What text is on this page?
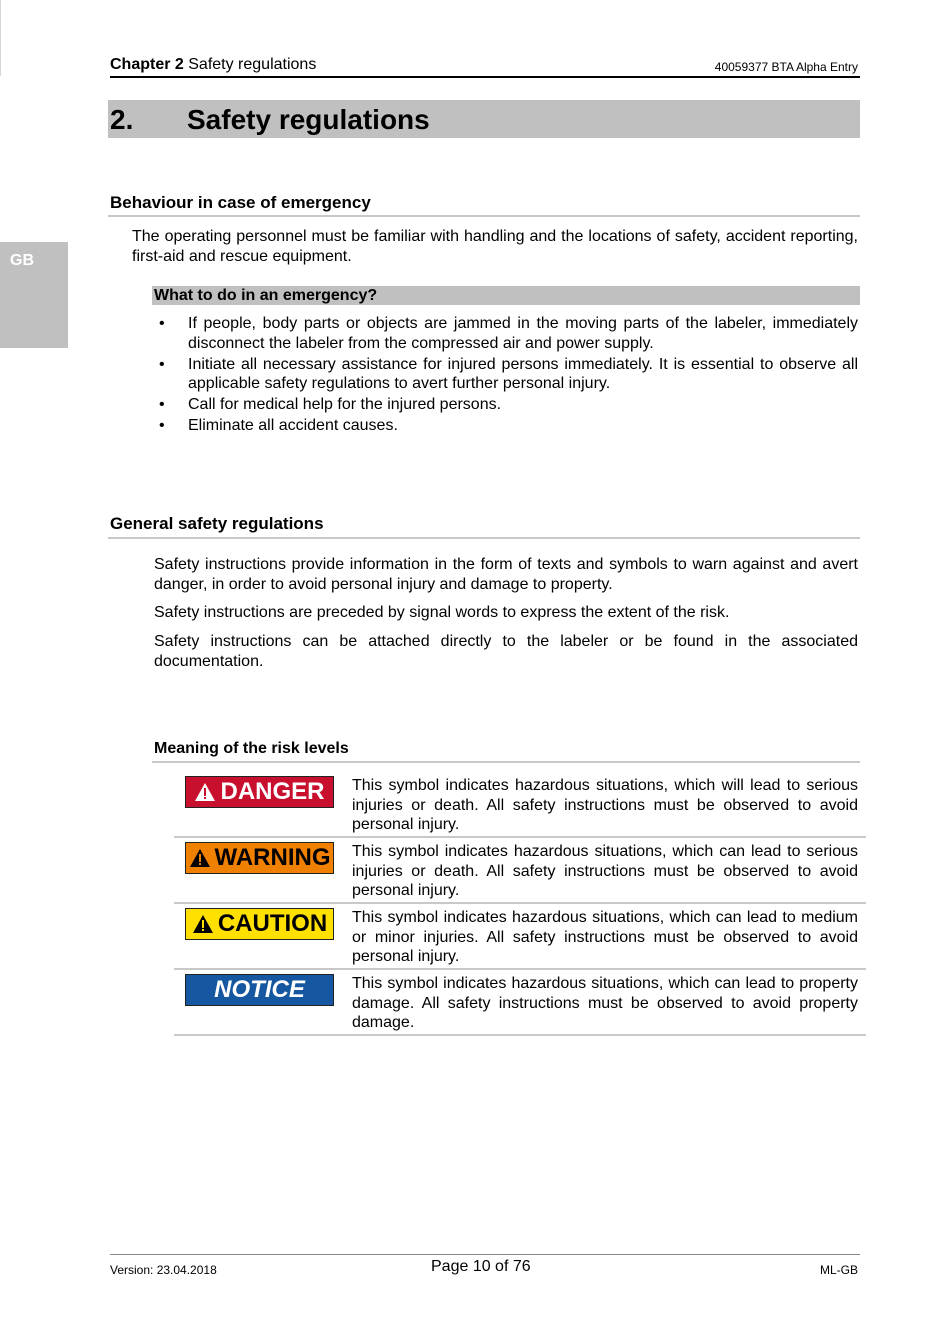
Chapter 2 Safety regulations	40059377 BTA Alpha Entry
2. Safety regulations
GB
Behaviour in case of emergency
The operating personnel must be familiar with handling and the locations of safety, accident reporting, first-aid and rescue equipment.
What to do in an emergency?
• If people, body parts or objects are jammed in the moving parts of the labeler, immediately disconnect the labeler from the compressed air and power supply.
• Initiate all necessary assistance for injured persons immediately. It is essential to observe all applicable safety regulations to avert further personal injury.
• Call for medical help for the injured persons.
• Eliminate all accident causes.
General safety regulations
Safety instructions provide information in the form of texts and symbols to warn against and avert danger, in order to avoid personal injury and damage to property.
Safety instructions are preceded by signal words to express the extent of the risk.
Safety instructions can be attached directly to the labeler or be found in the associated documentation.
Meaning of the risk levels
DANGER This symbol indicates hazardous situations, which will lead to serious injuries or death. All safety instructions must be observed to avoid personal injury.
WARNING This symbol indicates hazardous situations, which can lead to serious injuries or death. All safety instructions must be observed to avoid personal injury.
CAUTION This symbol indicates hazardous situations, which can lead to medium or minor injuries. All safety instructions must be observed to avoid personal injury.
NOTICE	This symbol indicates hazardous situations, which can lead to property damage. All safety instructions must be observed to avoid property damage.
Version: 23.04.2018	Page 10 of 76	ML-GB
